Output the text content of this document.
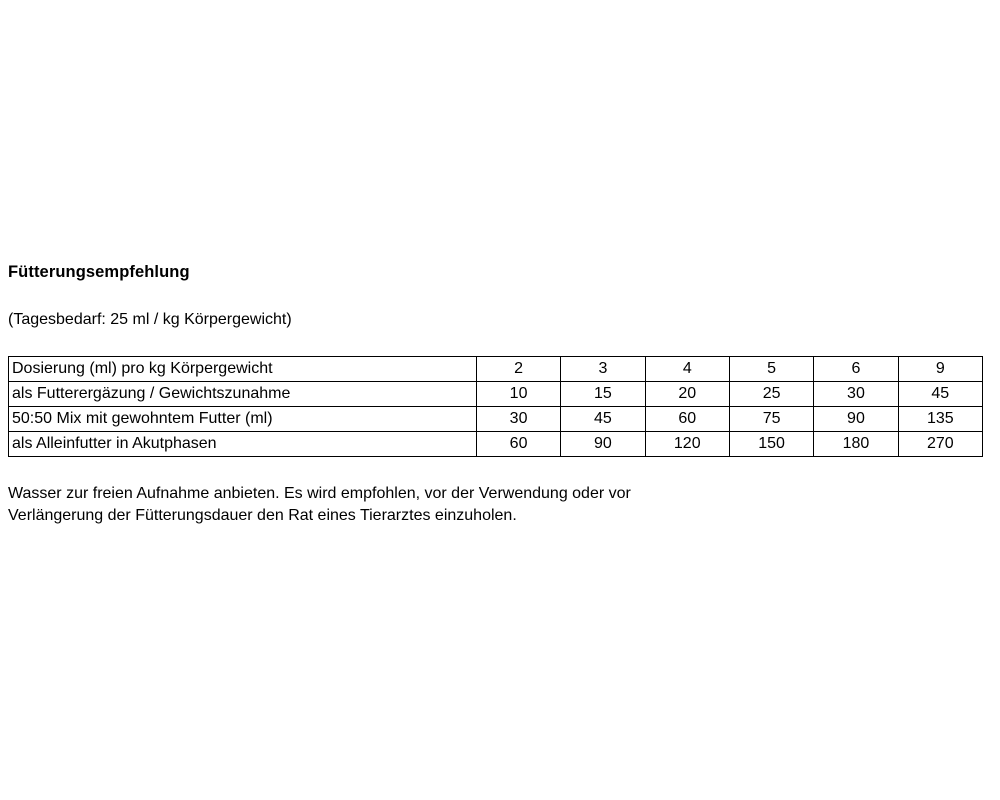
Fütterungsempfehlung
(Tagesbedarf: 25 ml / kg Körpergewicht)
Dosierung (ml) pro kg Körpergewicht	2	3	4	5	6	9
als Futterergäzung / Gewichtszunahme	10	15	20	25	30	45
50:50 Mix mit gewohntem Futter (ml)	30	45	60	75	90	135
als Alleinfutter in Akutphasen	60	90	120	150	180	270
Wasser zur freien Aufnahme anbieten. Es wird empfohlen, vor der Verwendung oder vor
Verlängerung der Fütterungsdauer den Rat eines Tierarztes einzuholen.
